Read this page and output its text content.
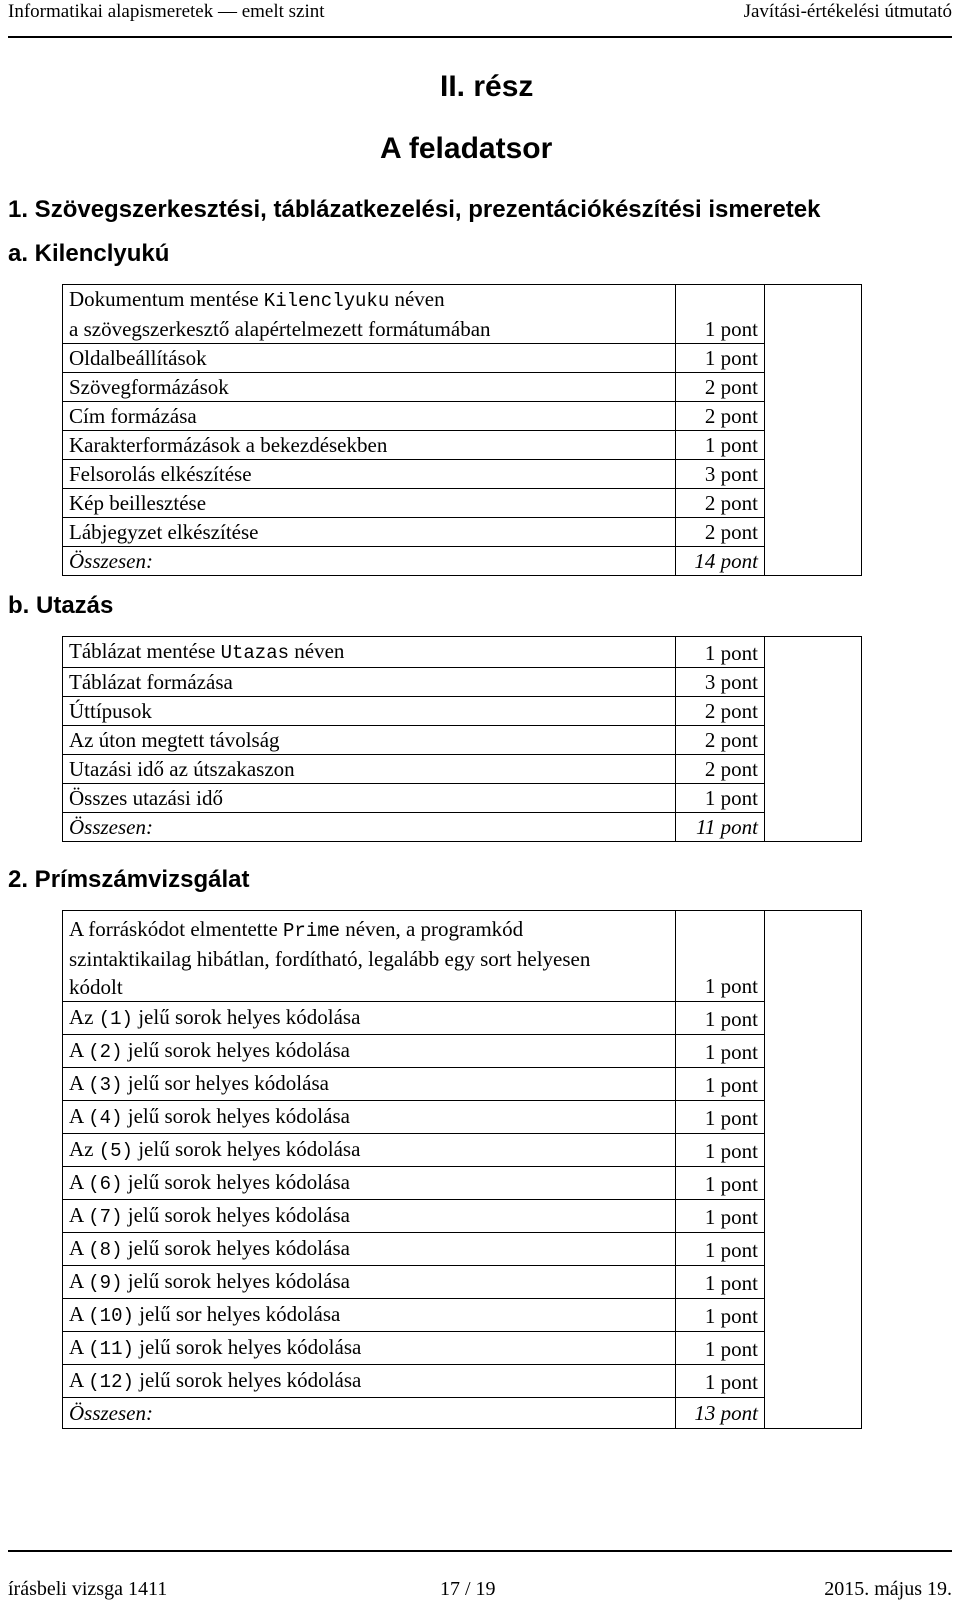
Informatikai alapismeretek — emelt szint	Javítási-értékelési útmutató
II. rész
A feladatsor
1. Szövegszerkesztési, táblázatkezelési, prezentációkészítési ismeretek
a. Kilenclyukú
Dokumentum mentése Kilenclyuku néven
a szövegszerkesztő alapértelmezett formátumában	1 pont	
Oldalbeállítások	1 pont	
Szövegformázások	2 pont	
Cím formázása	2 pont	
Karakterformázások a bekezdésekben	1 pont	
Felsorolás elkészítése	3 pont	
Kép beillesztése	2 pont	
Lábjegyzet elkészítése	2 pont	
Összesen:	14 pont	
b. Utazás
Táblázat mentése Utazas néven	1 pont	
Táblázat formázása	3 pont	
Úttípusok	2 pont	
Az úton megtett távolság	2 pont	
Utazási idő az útszakaszon	2 pont	
Összes utazási idő	1 pont	
Összesen:	11 pont	
2. Prímszámvizsgálat
A forráskódot elmentette Prime néven, a programkód
szintaktikailag hibátlan, fordítható, legalább egy sort helyesen
kódolt	1 pont	
Az (1) jelű sorok helyes kódolása	1 pont	
A (2) jelű sorok helyes kódolása	1 pont	
A (3) jelű sor helyes kódolása	1 pont	
A (4) jelű sorok helyes kódolása	1 pont	
Az (5) jelű sorok helyes kódolása	1 pont	
A (6) jelű sorok helyes kódolása	1 pont	
A (7) jelű sorok helyes kódolása	1 pont	
A (8) jelű sorok helyes kódolása	1 pont	
A (9) jelű sorok helyes kódolása	1 pont	
A (10) jelű sor helyes kódolása	1 pont	
A (11) jelű sorok helyes kódolása	1 pont	
A (12) jelű sorok helyes kódolása	1 pont	
Összesen:	13 pont	
írásbeli vizsga 1411	17 / 19	2015. május 19.
